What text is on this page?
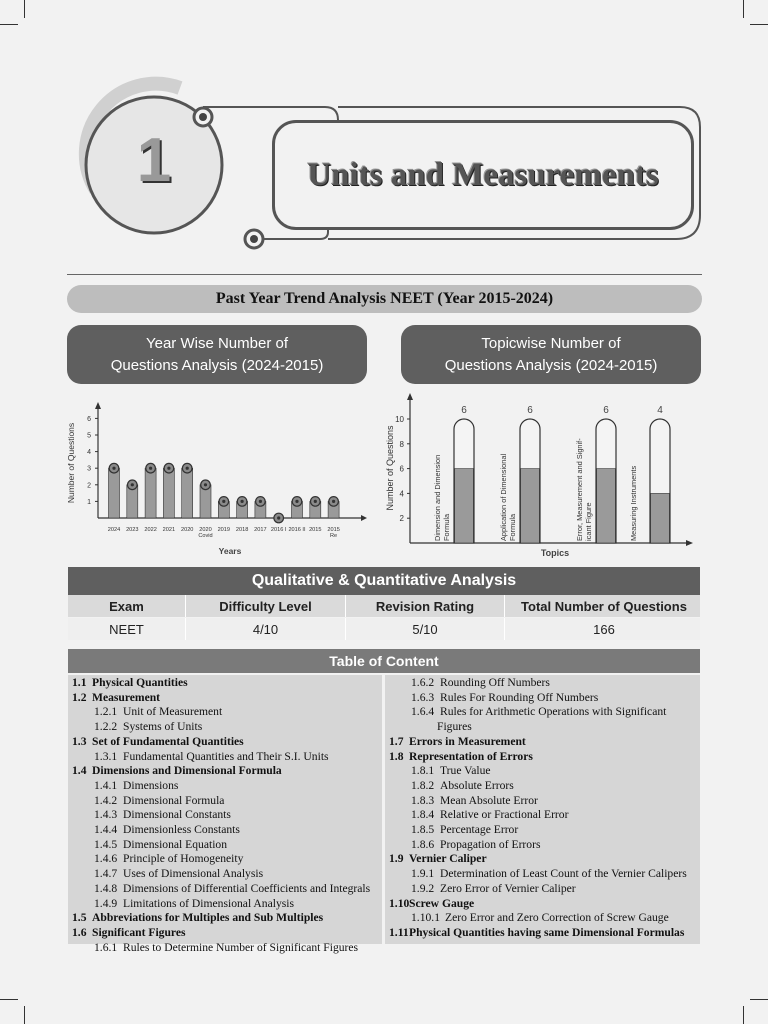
1	Units and Measurements
Past Year Trend Analysis NEET (Year 2015-2024)
Year Wise Number of
Questions Analysis (2024-2015)
Topicwise Number of
Questions Analysis (2024-2015)
1
2
3
4
5
6
Number of Questions
2024 2023 2022 2021 2020 2020
Covid
2019 2018 2017 2016 I 2016 II 2015 2015
Re
Years
2
4
6
8
10
Number of Questions
6
Dimension and Dimension Formula
6
Application of Dimensional Formula
6
Error, Measurement and Signif- icant Figure
4
Measuring Instruments
Topics
Qualitative & Quantitative Analysis
Exam	Difficulty Level	Revision Rating	Total Number of Questions
NEET	4/10	5/10	166
Table of Content
1.1 Physical Quantities
1.2 Measurement
1.2.1 Unit of Measurement
1.2.2 Systems of Units
1.3 Set of Fundamental Quantities
1.3.1 Fundamental Quantities and Their S.I. Units
1.4 Dimensions and Dimensional Formula
1.4.1 Dimensions
1.4.2 Dimensional Formula
1.4.3 Dimensional Constants
1.4.4 Dimensionless Constants
1.4.5 Dimensional Equation
1.4.6 Principle of Homogeneity
1.4.7 Uses of Dimensional Analysis
1.4.8 Dimensions of Differential Coefficients and Integrals
1.4.9 Limitations of Dimensional Analysis
1.5 Abbreviations for Multiples and Sub Multiples
1.6 Significant Figures
1.6.1 Rules to Determine Number of Significant Figures
1.6.2 Rounding Off Numbers
1.6.3 Rules For Rounding Off Numbers
1.6.4 Rules for Arithmetic Operations with Significant
Figures
1.7 Errors in Measurement
1.8 Representation of Errors
1.8.1 True Value
1.8.2 Absolute Errors
1.8.3 Mean Absolute Error
1.8.4 Relative or Fractional Error
1.8.5 Percentage Error
1.8.6 Propagation of Errors
1.9 Vernier Caliper
1.9.1 Determination of Least Count of the Vernier Calipers
1.9.2 Zero Error of Vernier Caliper
1.10Screw Gauge
1.10.1 Zero Error and Zero Correction of Screw Gauge
1.11Physical Quantities having same Dimensional Formulas
